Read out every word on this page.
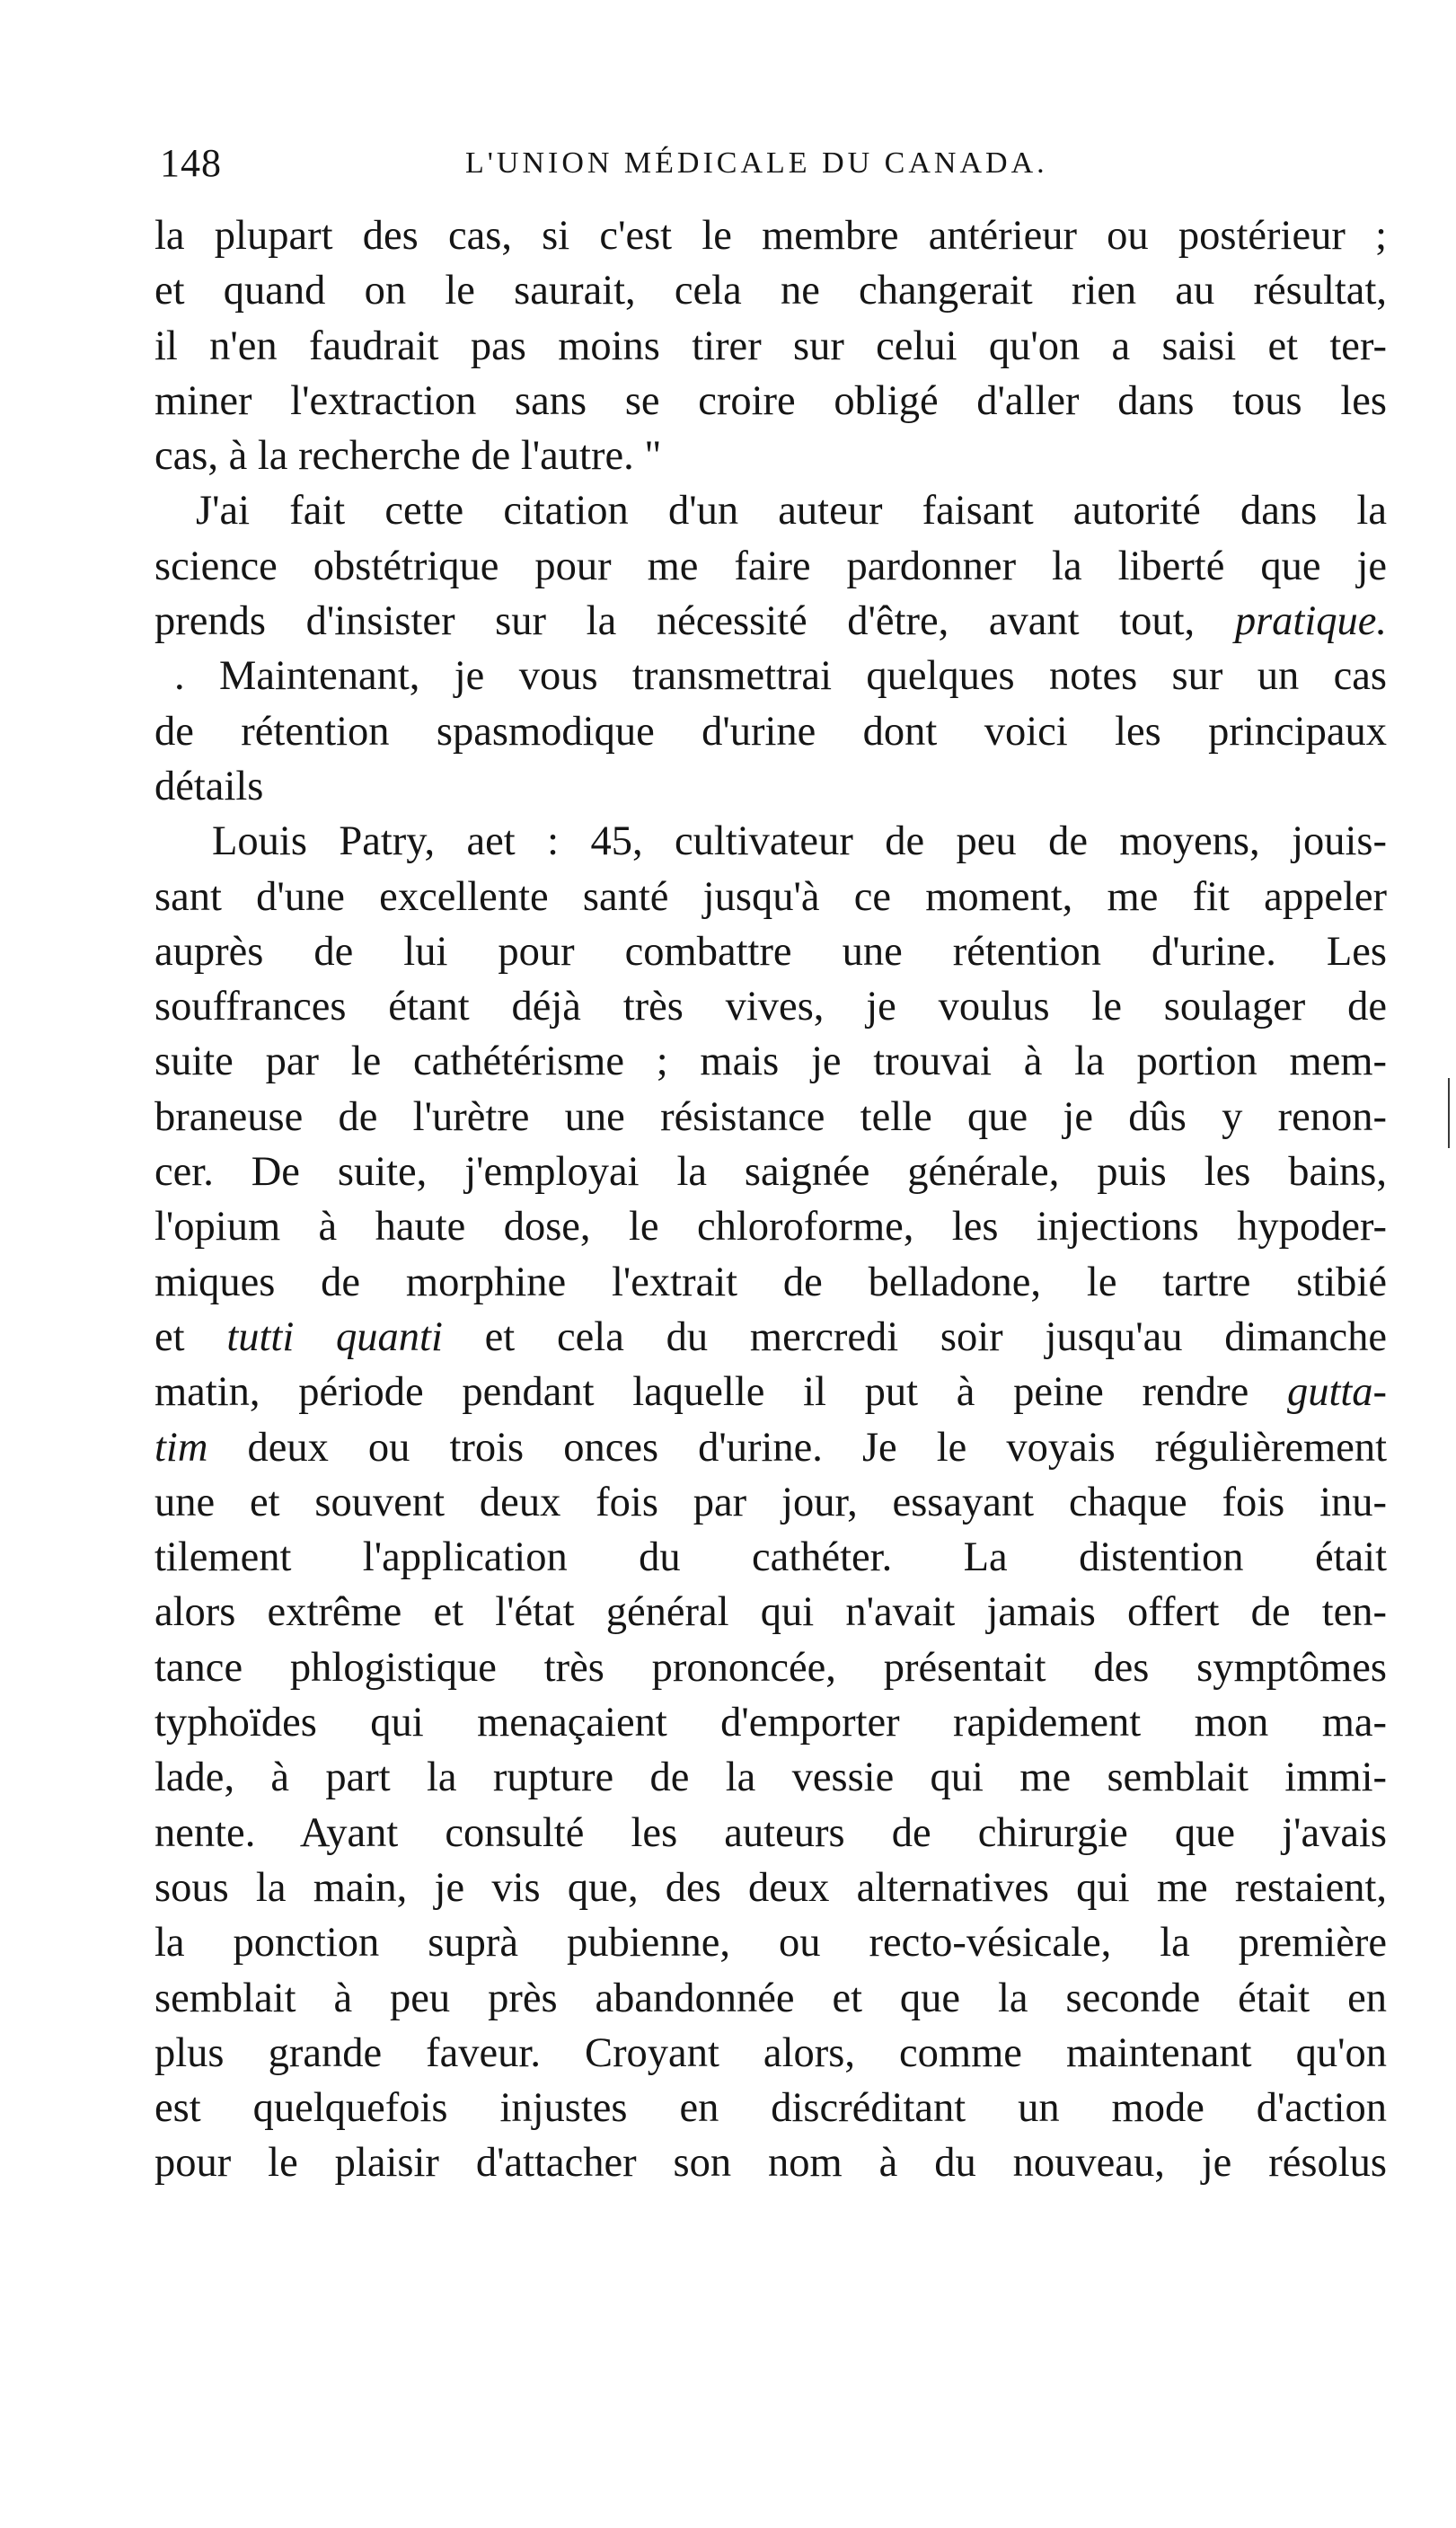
148	L'UNION MÉDICALE DU CANADA.
la plupart des cas, si c'est le membre antérieur ou postérieur ;
et quand on le saurait, cela ne changerait rien au résultat,
il n'en faudrait pas moins tirer sur celui qu'on a saisi et ter-
miner l'extraction sans se croire obligé d'aller dans tous les
cas, à la recherche de l'autre. "
J'ai fait cette citation d'un auteur faisant autorité dans la
science obstétrique pour me faire pardonner la liberté que je
prends d'insister sur la nécessité d'être, avant tout, pratique.
. Maintenant, je vous transmettrai quelques notes sur un cas
de rétention spasmodique d'urine dont voici les principaux
détails
Louis Patry, aet : 45, cultivateur de peu de moyens, jouis-
sant d'une excellente santé jusqu'à ce moment, me fit appeler
auprès de lui pour combattre une rétention d'urine. Les
souffrances étant déjà très vives, je voulus le soulager de
suite par le cathétérisme ; mais je trouvai à la portion mem-
braneuse de l'urètre une résistance telle que je dûs y renon-
cer. De suite, j'employai la saignée générale, puis les bains,
l'opium à haute dose, le chloroforme, les injections hypoder-
miques de morphine l'extrait de belladone, le tartre stibié
et tutti quanti et cela du mercredi soir jusqu'au dimanche
matin, période pendant laquelle il put à peine rendre gutta-
tim deux ou trois onces d'urine. Je le voyais régulièrement
une et souvent deux fois par jour, essayant chaque fois inu-
tilement l'application du cathéter. La distention était
alors extrême et l'état général qui n'avait jamais offert de ten-
tance phlogistique très prononcée, présentait des symptômes
typhoïdes qui menaçaient d'emporter rapidement mon ma-
lade, à part la rupture de la vessie qui me semblait immi-
nente. Ayant consulté les auteurs de chirurgie que j'avais
sous la main, je vis que, des deux alternatives qui me restaient,
la ponction suprà pubienne, ou recto-vésicale, la première
semblait à peu près abandonnée et que la seconde était en
plus grande faveur. Croyant alors, comme maintenant qu'on
est quelquefois injustes en discréditant un mode d'action
pour le plaisir d'attacher son nom à du nouveau, je résolus
